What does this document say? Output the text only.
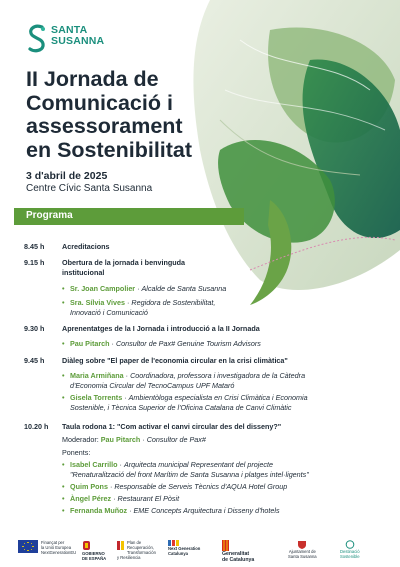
SANTA
SUSANNA
II Jornada de
Comunicació i
assessorament
en Sostenibilitat
3 d'abril de 2025
Centre Cívic Santa Susanna
Programa
8.45 h Acreditacions
9.15 h Obertura de la jornada i benvinguda
institucional
• Sr. Joan Campolier · Alcalde de Santa Susanna
• Sra. Sílvia Vives · Regidora de Sostenibilitat,
Innovació i Comunicació
9.30 h Aprenentatges de la I Jornada i introducció a la II Jornada
• Pau Pitarch · Consultor de Pax# Genuine Tourism Advisors
9.45 h Diàleg sobre "El paper de l'economia circular en la crisi climàtica"
• Maria Armiñana · Coordinadora, professora i investigadora de la Càtedra
d'Economia Circular del TecnoCampus UPF Mataró
• Gisela Torrents · Ambientòloga especialista en Crisi Climàtica i Economia
Sostenible, i Tècnica Superior de l'Oficina Catalana de Canvi Climàtic
10.20 h Taula rodona 1: "Com activar el canvi circular des del disseny?"
Moderador: Pau Pitarch · Consultor de Pax#
Ponents:
• Isabel Carrillo · Arquitecta municipal Representant del projecte
"Renaturalització del front Marítim de Santa Susanna i platges intel·ligents"
• Quim Pons · Responsable de Serveis Tècnics d'AQUA Hotel Group
• Àngel Pérez · Restaurant El Pòsit
• Fernanda Muñoz · EME Concepts Arquitectura i Disseny d'hotels
Finançat per
la Unió Europea
NextGenerationEU GOBIERNO
DE ESPAÑA
Plan de Recuperación,
Transformación
y Resiliencia
Next Generation
Catalunya	Generalitat
de Catalunya
Ajuntament de
Santa Susanna
Destinació
Sostenible
